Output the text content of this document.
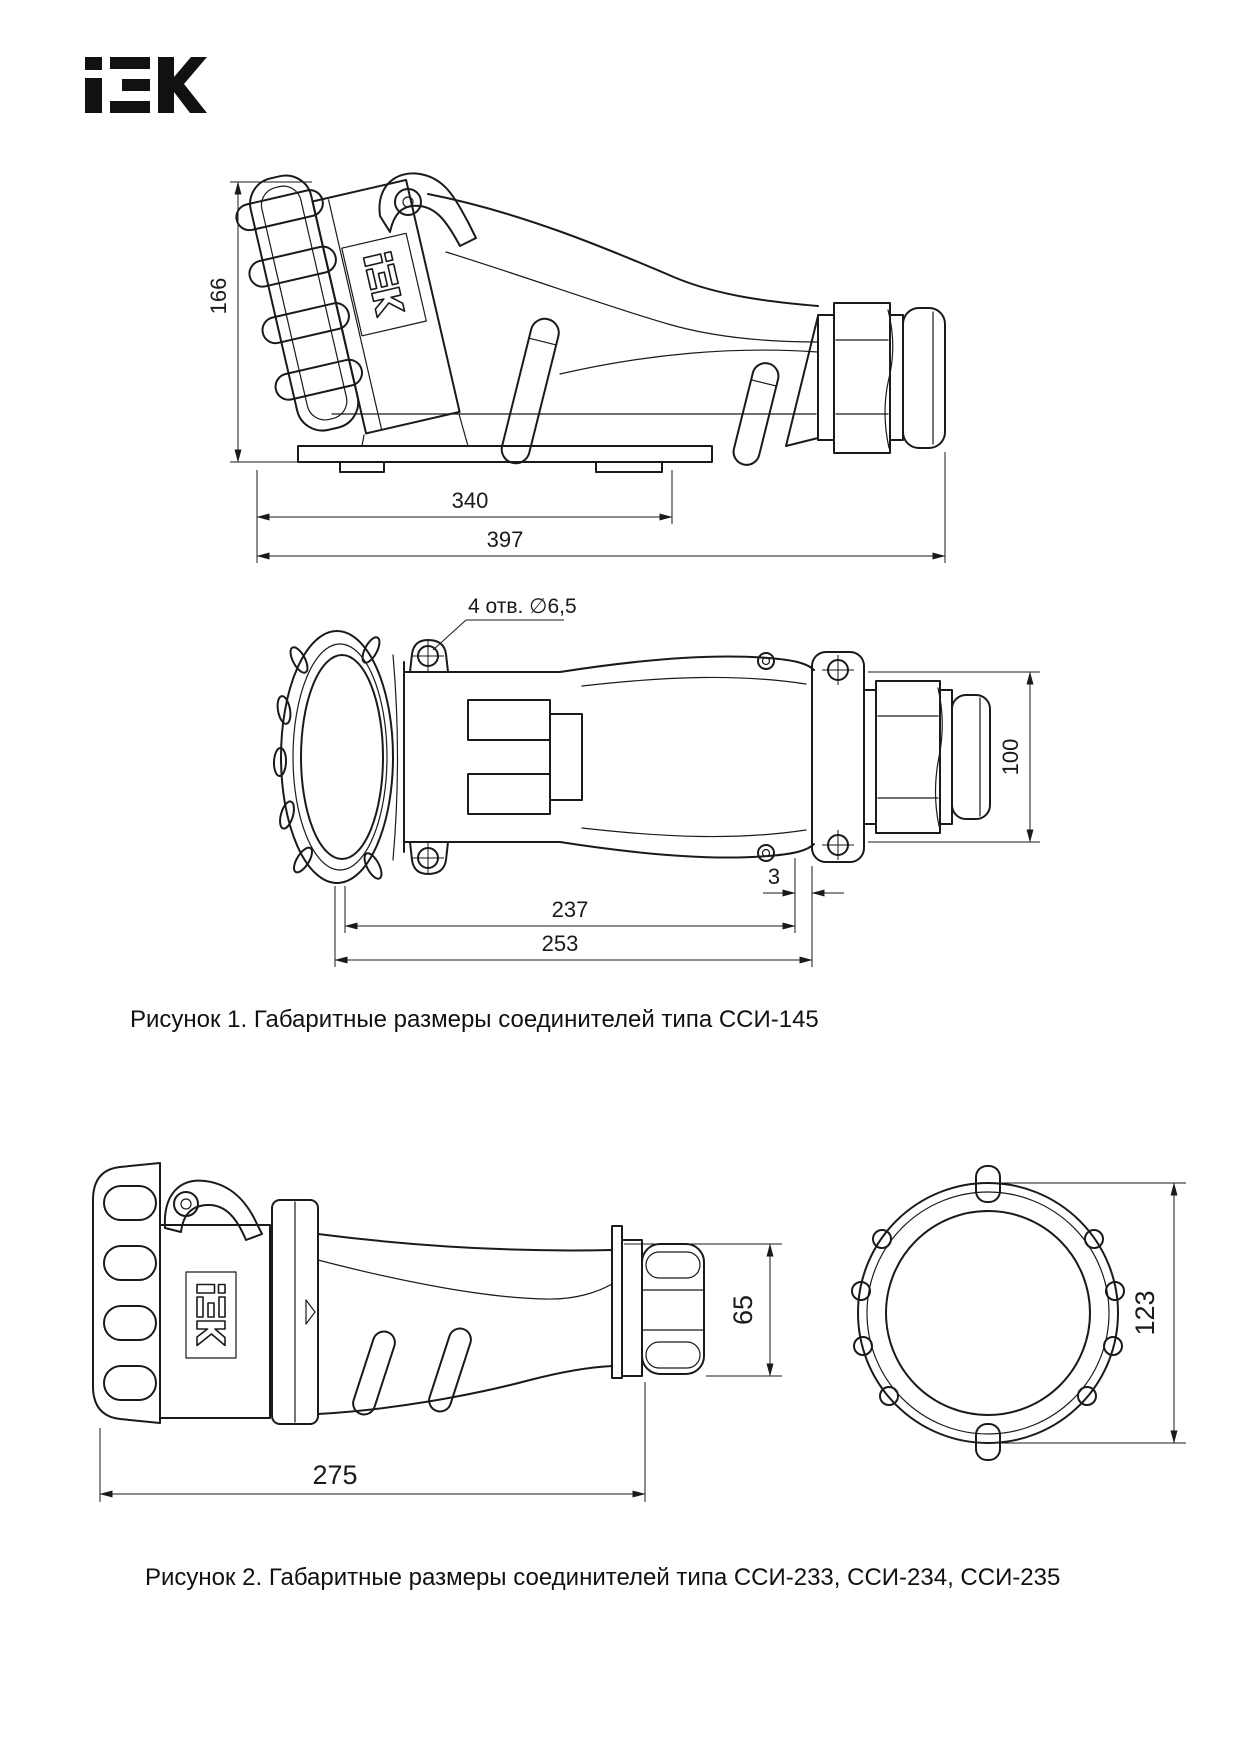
166
340
397
4 отв. ∅6,5
100
3
237
253
65
275
123
Рисунок 1. Габаритные размеры соединителей типа ССИ-145
Рисунок 2. Габаритные размеры соединителей типа ССИ-233, ССИ-234, ССИ-235
